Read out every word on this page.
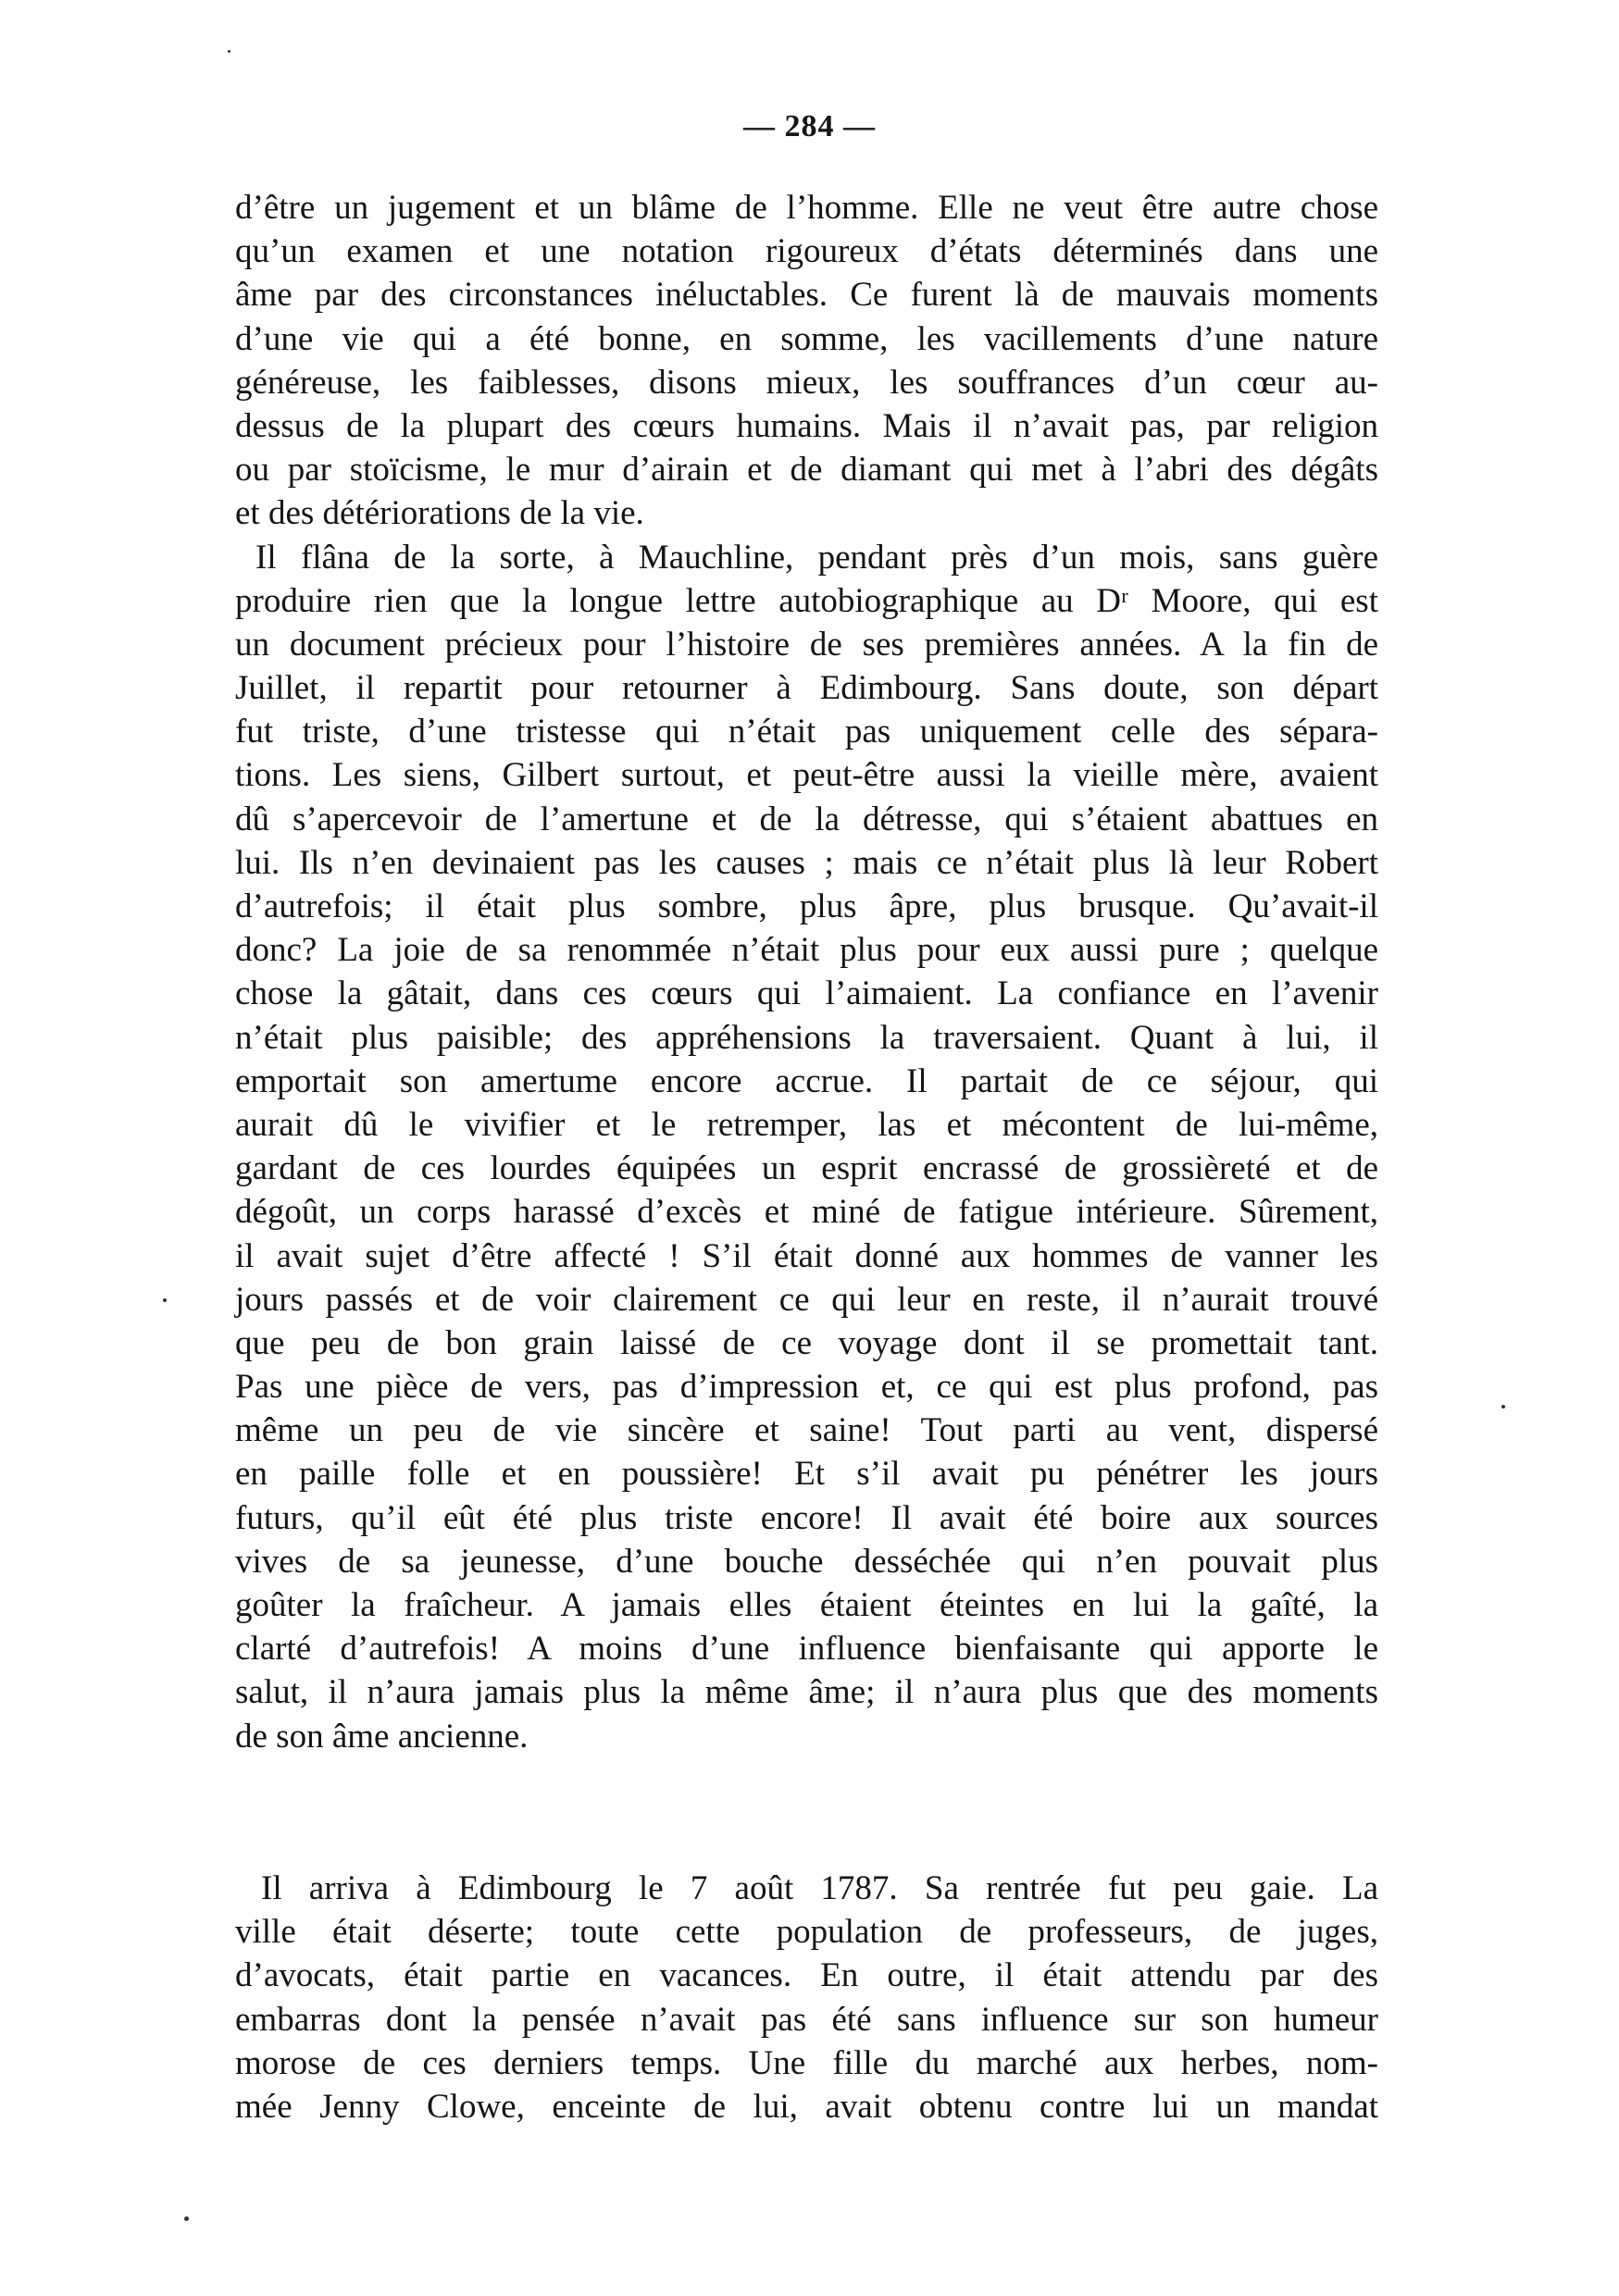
— 284 —
d’être un jugement et un blâme de l’homme. Elle ne veut être autre chose
qu’un examen et une notation rigoureux d’états déterminés dans une
âme par des circonstances inéluctables. Ce furent là de mauvais moments
d’une vie qui a été bonne, en somme, les vacillements d’une nature
généreuse, les faiblesses, disons mieux, les souffrances d’un cœur au-
dessus de la plupart des cœurs humains. Mais il n’avait pas, par religion
ou par stoïcisme, le mur d’airain et de diamant qui met à l’abri des dégâts
et des détériorations de la vie.
Il flâna de la sorte, à Mauchline, pendant près d’un mois, sans guère
produire rien que la longue lettre autobiographique au Dʳ Moore, qui est
un document précieux pour l’histoire de ses premières années. A la fin de
Juillet, il repartit pour retourner à Edimbourg. Sans doute, son départ
fut triste, d’une tristesse qui n’était pas uniquement celle des sépara-
tions. Les siens, Gilbert surtout, et peut-être aussi la vieille mère, avaient
dû s’apercevoir de l’amertune et de la détresse, qui s’étaient abattues en
lui. Ils n’en devinaient pas les causes ; mais ce n’était plus là leur Robert
d’autrefois; il était plus sombre, plus âpre, plus brusque. Qu’avait-il
donc? La joie de sa renommée n’était plus pour eux aussi pure ; quelque
chose la gâtait, dans ces cœurs qui l’aimaient. La confiance en l’avenir
n’était plus paisible; des appréhensions la traversaient. Quant à lui, il
emportait son amertume encore accrue. Il partait de ce séjour, qui
aurait dû le vivifier et le retremper, las et mécontent de lui-même,
gardant de ces lourdes équipées un esprit encrassé de grossièreté et de
dégoût, un corps harassé d’excès et miné de fatigue intérieure. Sûrement,
il avait sujet d’être affecté ! S’il était donné aux hommes de vanner les
jours passés et de voir clairement ce qui leur en reste, il n’aurait trouvé
que peu de bon grain laissé de ce voyage dont il se promettait tant.
Pas une pièce de vers, pas d’impression et, ce qui est plus profond, pas
même un peu de vie sincère et saine! Tout parti au vent, dispersé
en paille folle et en poussière! Et s’il avait pu pénétrer les jours
futurs, qu’il eût été plus triste encore! Il avait été boire aux sources
vives de sa jeunesse, d’une bouche desséchée qui n’en pouvait plus
goûter la fraîcheur. A jamais elles étaient éteintes en lui la gaîté, la
clarté d’autrefois! A moins d’une influence bienfaisante qui apporte le
salut, il n’aura jamais plus la même âme; il n’aura plus que des moments
de son âme ancienne.
Il arriva à Edimbourg le 7 août 1787. Sa rentrée fut peu gaie. La
ville était déserte; toute cette population de professeurs, de juges,
d’avocats, était partie en vacances. En outre, il était attendu par des
embarras dont la pensée n’avait pas été sans influence sur son humeur
morose de ces derniers temps. Une fille du marché aux herbes, nom-
mée Jenny Clowe, enceinte de lui, avait obtenu contre lui un mandat
